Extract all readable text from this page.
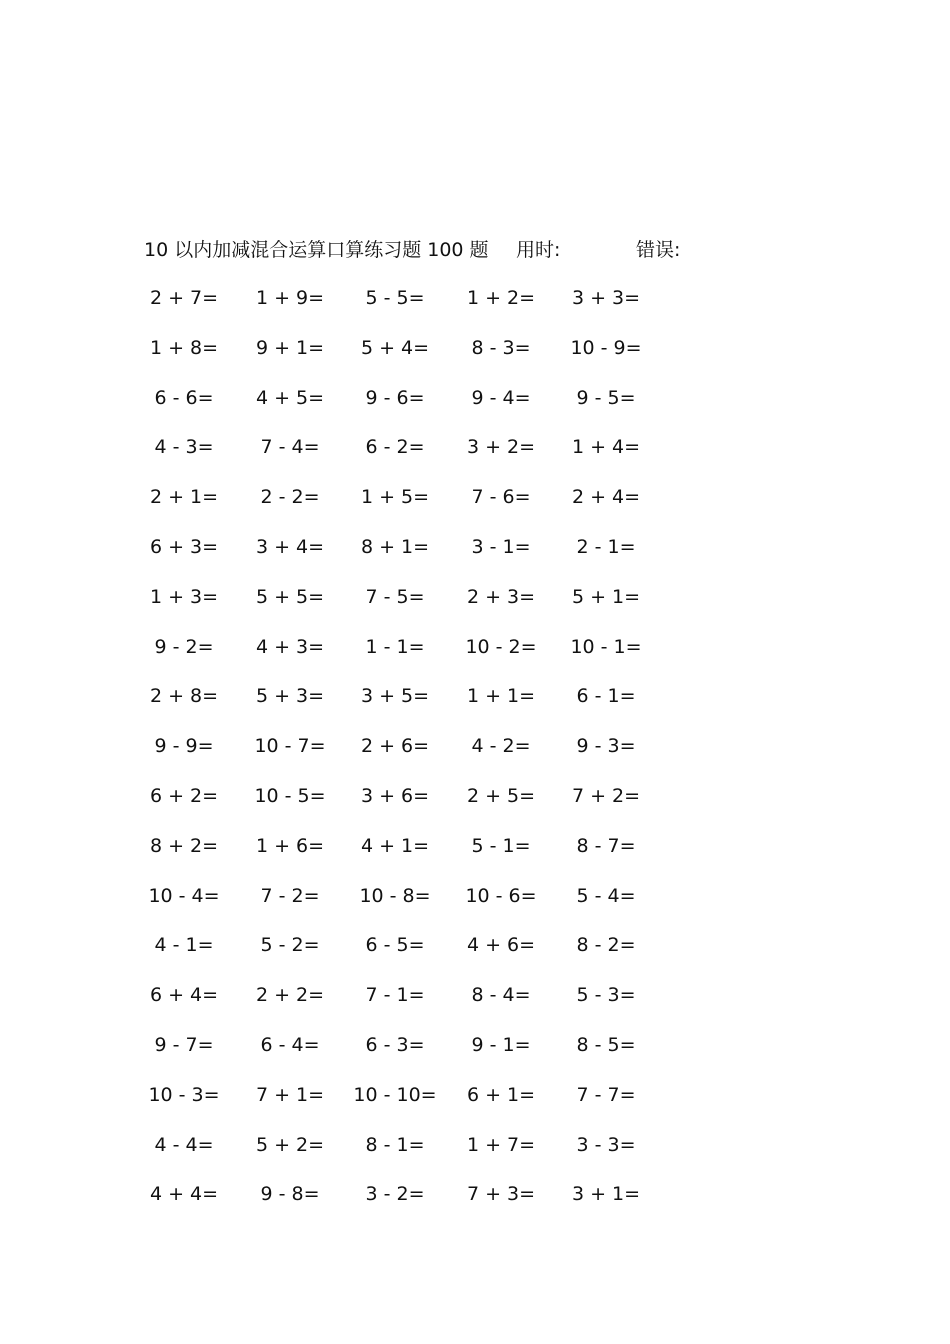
10 以内加减混合运算口算练习题 100 题 用时:	错误:
2 + 7=	1 + 9=	5 - 5=	1 + 2=	3 + 3=
1 + 8=	9 + 1=	5 + 4=	8 - 3=	10 - 9=
6 - 6=	4 + 5=	9 - 6=	9 - 4=	9 - 5=
4 - 3=	7 - 4=	6 - 2=	3 + 2=	1 + 4=
2 + 1=	2 - 2=	1 + 5=	7 - 6=	2 + 4=
6 + 3=	3 + 4=	8 + 1=	3 - 1=	2 - 1=
1 + 3=	5 + 5=	7 - 5=	2 + 3=	5 + 1=
9 - 2=	4 + 3=	1 - 1=	10 - 2=	10 - 1=
2 + 8=	5 + 3=	3 + 5=	1 + 1=	6 - 1=
9 - 9=	10 - 7=	2 + 6=	4 - 2=	9 - 3=
6 + 2=	10 - 5=	3 + 6=	2 + 5=	7 + 2=
8 + 2=	1 + 6=	4 + 1=	5 - 1=	8 - 7=
10 - 4=	7 - 2=	10 - 8=	10 - 6=	5 - 4=
4 - 1=	5 - 2=	6 - 5=	4 + 6=	8 - 2=
6 + 4=	2 + 2=	7 - 1=	8 - 4=	5 - 3=
9 - 7=	6 - 4=	6 - 3=	9 - 1=	8 - 5=
10 - 3=	7 + 1=	10 - 10=	6 + 1=	7 - 7=
4 - 4=	5 + 2=	8 - 1=	1 + 7=	3 - 3=
4 + 4=	9 - 8=	3 - 2=	7 + 3=	3 + 1=
